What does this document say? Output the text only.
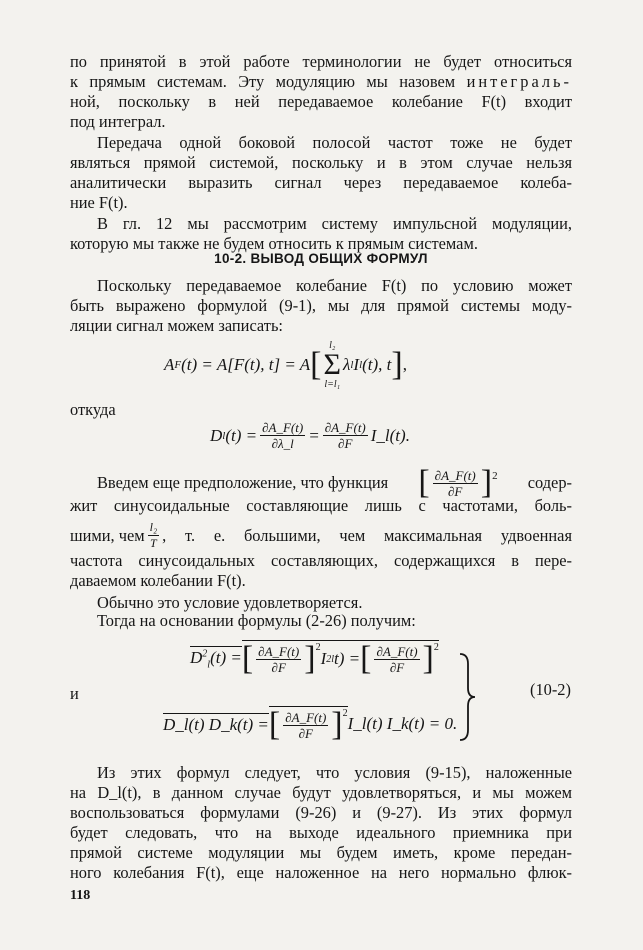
по принятой в этой работе терминологии не будет относиться

к прямым системам. Эту модуляцию мы назовем интеграль-

ной, поскольку в ней передаваемое колебание F(t) входит

под интеграл.

Передача одной боковой полосой частот тоже не будет

являться прямой системой, поскольку и в этом случае нельзя

аналитически выразить сигнал через передаваемое колеба-

ние F(t).

В гл. 12 мы рассмотрим систему импульсной модуляции,

которую мы также не будем относить к прямым системам.

10-2. ВЫВОД ОБЩИХ ФОРМУЛ

Поскольку передаваемое колебание F(t) по условию может

быть выражено формулой (9-1), мы для прямой системы моду-

ляции сигнал можем записать:

A F (t) = A[F(t), t] = A [
l₂
Σ
l=l₁
λ l I l (t), t ] ,

откуда

D l $(t) = \frac{\partial A\_F(t)}{\partial\lambda\_l} = \frac{\partial A\_F(t)}{\partial F}$ I_l(t).
Введем еще предположение, что функция [ $\frac{\partial A\_F(t)}{\partial F} ]^2$ содер-

жит синусоидальные составляющие лишь с частотами, боль-

шими, чем $\frac{\text{l₂}}{T}$ , т. е. большими, чем максимальная удвоенная

частота синусоидальных составляющих, содержащихся в пере-

даваемом колебании F(t).

Обычно это условие удовлетворяется.

Тогда на основании формулы (2-26) получим:

$D^2_l(t)$ = [ $\frac{\partial A\_F(t)}{\partial F} ]^2$
I 2 l t) = [ $\frac{\partial A\_F(t)}{\partial F} ]^2$

и

D_l(t) D_k(t) = [ $\frac{\partial A\_F(t)}{\partial F} ]^2$
I_l(t) I_k(t) = 0.
(10-2)

Из этих формул следует, что условия (9-15), наложенные

на D_l(t), в данном случае будут удовлетворяться, и мы можем

воспользоваться формулами (9-26) и (9-27). Из этих формул

будет следовать, что на выходе идеального приемника при

прямой системе модуляции мы будем иметь, кроме передан-

ного колебания F(t), еще наложенное на него нормально флюк-

118
